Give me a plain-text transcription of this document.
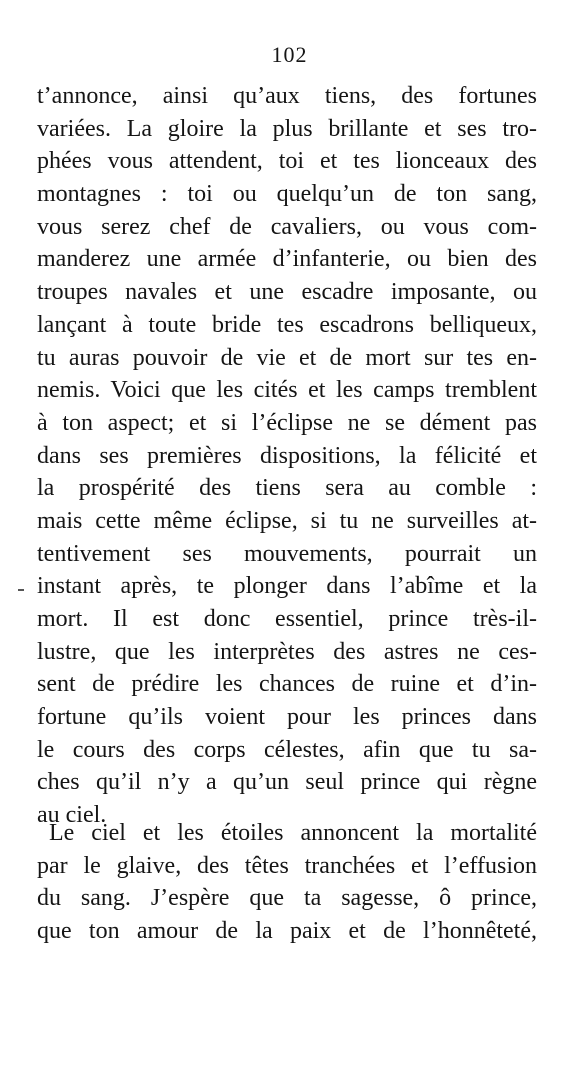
102
t’annonce, ainsi qu’aux tiens, des fortunes
variées. La gloire la plus brillante et ses tro-
phées vous attendent, toi et tes lionceaux des
montagnes : toi ou quelqu’un de ton sang,
vous serez chef de cavaliers, ou vous com-
manderez une armée d’infanterie, ou bien des
troupes navales et une escadre imposante, ou
lançant à toute bride tes escadrons belliqueux,
tu auras pouvoir de vie et de mort sur tes en-
nemis. Voici que les cités et les camps tremblent
à ton aspect; et si l’éclipse ne se dément pas
dans ses premières dispositions, la félicité et
la prospérité des tiens sera au comble :
mais cette même éclipse, si tu ne surveilles at-
tentivement ses mouvements, pourrait un
instant après, te plonger dans l’abîme et la
mort. Il est donc essentiel, prince très-il-
lustre, que les interprètes des astres ne ces-
sent de prédire les chances de ruine et d’in-
fortune qu’ils voient pour les princes dans
le cours des corps célestes, afin que tu sa-
ches qu’il n’y a qu’un seul prince qui règne
au ciel.
Le ciel et les étoiles annoncent la mortalité
par le glaive, des têtes tranchées et l’effusion
du sang. J’espère que ta sagesse, ô prince,
que ton amour de la paix et de l’honnêteté,
